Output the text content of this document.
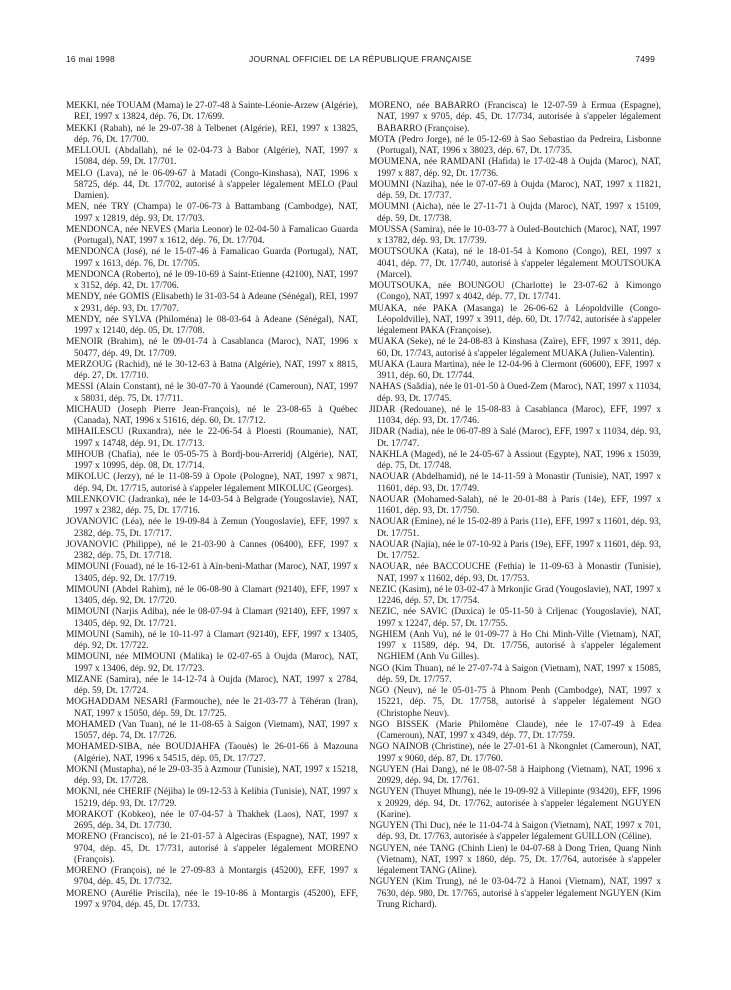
16 mai 1998	JOURNAL OFFICIEL DE LA RÉPUBLIQUE FRANÇAISE	7499

MEKKI, née TOUAM (Mama) le 27-07-48 à Sainte-Léonie-Arzew (Algérie), REI, 1997 x 13824, dép. 76, Dt. 17/699.

MEKKI (Rabah), né le 29-07-38 à Telbenet (Algérie), REI, 1997 x 13825, dép. 76, Dt. 17/700.

MELLOUL (Abdallah), né le 02-04-73 à Babor (Algérie), NAT, 1997 x 15084, dép. 59, Dt. 17/701.

MELO (Lava), né le 06-09-67 à Matadi (Congo-Kinshasa), NAT, 1996 x 58725, dép. 44, Dt. 17/702, autorisé à s'appeler légalement MELO (Paul Damien).

MEN, née TRY (Champa) le 07-06-73 à Battambang (Cambodge), NAT, 1997 x 12819, dép. 93, Dt. 17/703.

MENDONCA, née NEVES (Maria Leonor) le 02-04-50 à Famalicao Guarda (Portugal), NAT, 1997 x 1612, dép. 76, Dt. 17/704.

MENDONCA (José), né le 15-07-46 à Famalicao Guarda (Portugal), NAT, 1997 x 1613, dép. 76, Dt. 17/705.

MENDONCA (Roberto), né le 09-10-69 à Saint-Etienne (42100), NAT, 1997 x 3152, dép. 42, Dt. 17/706.

MENDY, née GOMIS (Elisabeth) le 31-03-54 à Adeane (Sénégal), REI, 1997 x 2931, dép. 93, Dt. 17/707.

MENDY, née SYLVA (Philoména) le 08-03-64 à Adeane (Sénégal), NAT, 1997 x 12140, dép. 05, Dt. 17/708.

MENOIR (Brahim), né le 09-01-74 à Casablanca (Maroc), NAT, 1996 x 50477, dép. 49, Dt. 17/709.

MERZOUG (Rachid), né le 30-12-63 à Batna (Algérie), NAT, 1997 x 8815, dép. 27, Dt. 17/710.

MESSI (Alain Constant), né le 30-07-70 à Yaoundé (Cameroun), NAT, 1997 x 58031, dép. 75, Dt. 17/711.

MICHAUD (Joseph Pierre Jean-François), né le 23-08-65 à Québec (Canada), NAT, 1996 x 51616, dép. 60, Dt. 17/712.

MIHAILESCU (Ruxandra), née le 22-06-54 à Ploesti (Roumanie), NAT, 1997 x 14748, dép. 91, Dt. 17/713.

MIHOUB (Chafia), née le 05-05-75 à Bordj-bou-Arreridj (Algérie), NAT, 1997 x 10995, dép. 08, Dt. 17/714.

MIKOLUC (Jerzy), né le 11-08-59 à Opole (Pologne), NAT, 1997 x 9871, dép. 94, Dt. 17/715, autorisé à s'appeler légalement MIKOLUC (Georges).

MILENKOVIC (Jadranka), née le 14-03-54 à Belgrade (Yougoslavie), NAT, 1997 x 2382, dép. 75, Dt. 17/716.

JOVANOVIC (Léa), née le 19-09-84 à Zemun (Yougoslavie), EFF, 1997 x 2382, dép. 75, Dt. 17/717.

JOVANOVIC (Philippe), né le 21-03-90 à Cannes (06400), EFF, 1997 x 2382, dép. 75, Dt. 17/718.

MIMOUNI (Fouad), né le 16-12-61 à Aïn-beni-Mathar (Maroc), NAT, 1997 x 13405, dép. 92, Dt. 17/719.

MIMOUNI (Abdel Rahim), né le 06-08-90 à Clamart (92140), EFF, 1997 x 13405, dép. 92, Dt. 17/720.

MIMOUNI (Narjis Adiba), née le 08-07-94 à Clamart (92140), EFF, 1997 x 13405, dép. 92, Dt. 17/721.

MIMOUNI (Samih), né le 10-11-97 à Clamart (92140), EFF, 1997 x 13405, dép. 92, Dt. 17/722.

MIMOUNI, née MIMOUNI (Malika) le 02-07-65 à Oujda (Maroc), NAT, 1997 x 13406, dép. 92, Dt. 17/723.

MIZANE (Samira), née le 14-12-74 à Oujda (Maroc), NAT, 1997 x 2784, dép. 59, Dt. 17/724.

MOGHADDAM NESARI (Farmouche), née le 21-03-77 à Téhéran (Iran), NAT, 1997 x 15050, dép. 59, Dt. 17/725.

MOHAMED (Van Tuan), né le 11-08-65 à Saigon (Vietnam), NAT, 1997 x 15057, dép. 74, Dt. 17/726.

MOHAMED-SIBA, née BOUDJAHFA (Taouès) le 26-01-66 à Mazouna (Algérie), NAT, 1996 x 54515, dép. 05, Dt. 17/727.

MOKNI (Mustapha), né le 29-03-35 à Azmour (Tunisie), NAT, 1997 x 15218, dép. 93, Dt. 17/728.

MOKNI, née CHERIF (Néjiba) le 09-12-53 à Kelibia (Tunisie), NAT, 1997 x 15219, dép. 93, Dt. 17/729.

MORAKOT (Kobkeo), née le 07-04-57 à Thakhek (Laos), NAT, 1997 x 2695, dép. 34, Dt. 17/730.

MORENO (Francisco), né le 21-01-57 à Algeciras (Espagne), NAT, 1997 x 9704, dép. 45, Dt. 17/731, autorisé à s'appeler légalement MORENO (François).

MORENO (François), né le 27-09-83 à Montargis (45200), EFF, 1997 x 9704, dép. 45, Dt. 17/732.

MORENO (Aurélie Priscila), née le 19-10-86 à Montargis (45200), EFF, 1997 x 9704, dép. 45, Dt. 17/733.

MORENO, née BABARRO (Francisca) le 12-07-59 à Ermua (Espagne), NAT, 1997 x 9705, dép. 45, Dt. 17/734, autorisée à s'appeler légalement BABARRO (Françoise).

MOTA (Pedro Jorge), né le 05-12-69 à Sao Sebastiao da Pedreira, Lisbonne (Portugal), NAT, 1996 x 38023, dép. 67, Dt. 17/735.

MOUMENA, née RAMDANI (Hafida) le 17-02-48 à Oujda (Maroc), NAT, 1997 x 887, dép. 92, Dt. 17/736.

MOUMNI (Naziha), née le 07-07-69 à Oujda (Maroc), NAT, 1997 x 11821, dép. 59, Dt. 17/737.

MOUMNI (Aicha), née le 27-11-71 à Oujda (Maroc), NAT, 1997 x 15109, dép. 59, Dt. 17/738.

MOUSSA (Samira), née le 10-03-77 à Ouled-Boutchich (Maroc), NAT, 1997 x 13782, dép. 93, Dt. 17/739.

MOUTSOUKA (Kata), né le 18-01-54 à Komono (Congo), REI, 1997 x 4041, dép. 77, Dt. 17/740, autorisé à s'appeler légalement MOUTSOUKA (Marcel).

MOUTSOUKA, née BOUNGOU (Charlotte) le 23-07-62 à Kimongo (Congo), NAT, 1997 x 4042, dép. 77, Dt. 17/741.

MUAKA, née PAKA (Masanga) le 26-06-62 à Léopoldville (Congo-Léopoldville), NAT, 1997 x 3911, dép. 60, Dt. 17/742, autorisée à s'appeler légalement PAKA (Françoise).

MUAKA (Seke), né le 24-08-83 à Kinshasa (Zaïre), EFF, 1997 x 3911, dép. 60, Dt. 17/743, autorisé à s'appeler légalement MUAKA (Julien-Valentin).

MUAKA (Laura Martina), née le 12-04-96 à Clermont (60600), EFF, 1997 x 3911, dép. 60, Dt. 17/744.

NAHAS (Saâdia), née le 01-01-50 à Oued-Zem (Maroc), NAT, 1997 x 11034, dép. 93, Dt. 17/745.

JIDAR (Redouane), né le 15-08-83 à Casablanca (Maroc), EFF, 1997 x 11034, dép. 93, Dt. 17/746.

JIDAR (Nadia), née le 06-07-89 à Salé (Maroc), EFF, 1997 x 11034, dép. 93, Dt. 17/747.

NAKHLA (Maged), né le 24-05-67 à Assiout (Egypte), NAT, 1996 x 15039, dép. 75, Dt. 17/748.

NAOUAR (Abdelhamid), né le 14-11-59 à Monastir (Tunisie), NAT, 1997 x 11601, dép. 93, Dt. 17/749.

NAOUAR (Mohamed-Salah), né le 20-01-88 à Paris (14e), EFF, 1997 x 11601, dép. 93, Dt. 17/750.

NAOUAR (Emine), né le 15-02-89 à Paris (11e), EFF, 1997 x 11601, dép. 93, Dt. 17/751.

NAOUAR (Najia), née le 07-10-92 à Paris (19e), EFF, 1997 x 11601, dép. 93, Dt. 17/752.

NAOUAR, née BACCOUCHE (Fethia) le 11-09-63 à Monastir (Tunisie), NAT, 1997 x 11602, dép. 93, Dt. 17/753.

NEZIC (Kasim), né le 03-02-47 à Mrkonjic Grad (Yougoslavie), NAT, 1997 x 12246, dép. 57, Dt. 17/754.

NEZIC, née SAVIC (Duxica) le 05-11-50 à Crljenac (Yougoslavie), NAT, 1997 x 12247, dép. 57, Dt. 17/755.

NGHIEM (Anh Vu), né le 01-09-77 à Ho Chi Minh-Ville (Vietnam), NAT, 1997 x 11589, dép. 94, Dt. 17/756, autorisé à s'appeler légalement NGHIEM (Anh Vu Gilles).

NGO (Kim Thuan), né le 27-07-74 à Saigon (Vietnam), NAT, 1997 x 15085, dép. 59, Dt. 17/757.

NGO (Neuv), né le 05-01-75 à Phnom Penh (Cambodge), NAT, 1997 x 15221, dép. 75, Dt. 17/758, autorisé à s'appeler légalement NGO (Christophe Neuv).

NGO BISSEK (Marie Philomène Claude), née le 17-07-49 à Edea (Cameroun), NAT, 1997 x 4349, dép. 77, Dt. 17/759.

NGO NAINOB (Christine), née le 27-01-61 à Nkongnlet (Cameroun), NAT, 1997 x 9060, dép. 87, Dt. 17/760.

NGUYEN (Hai Dang), né le 08-07-58 à Haiphong (Vietnam), NAT, 1996 x 20929, dép. 94, Dt. 17/761.

NGUYEN (Thuyet Mhung), née le 19-09-92 à Villepinte (93420), EFF, 1996 x 20929, dép. 94, Dt. 17/762, autorisée à s'appeler légalement NGUYEN (Karine).

NGUYEN (Thi Duc), née le 11-04-74 à Saigon (Vietnam), NAT, 1997 x 701, dép. 93, Dt. 17/763, autorisée à s'appeler légalement GUILLON (Céline).

NGUYEN, née TANG (Chinh Lien) le 04-07-68 à Dong Trien, Quang Ninh (Vietnam), NAT, 1997 x 1860, dép. 75, Dt. 17/764, autorisée à s'appeler légalement TANG (Aline).

NGUYEN (Kim Trung), né le 03-04-72 à Hanoi (Vietnam), NAT, 1997 x 7630, dép. 980, Dt. 17/765, autorisé à s'appeler légalement NGUYEN (Kim Trung Richard).
